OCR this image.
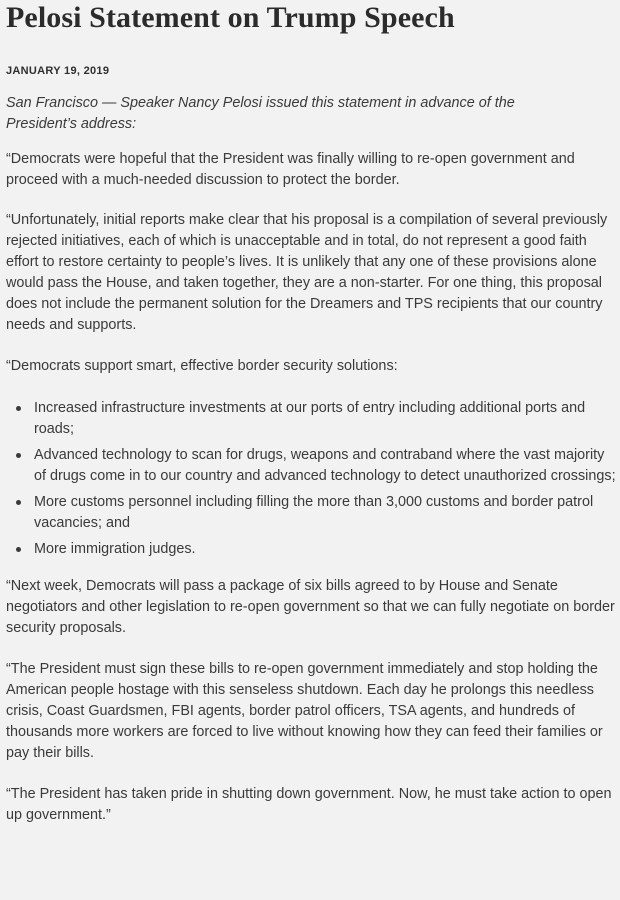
Pelosi Statement on Trump Speech
JANUARY 19, 2019

San Francisco — Speaker Nancy Pelosi issued this statement in advance of the President’s address:

“Democrats were hopeful that the President was finally willing to re-open government and proceed with a much-needed discussion to protect the border.

“Unfortunately, initial reports make clear that his proposal is a compilation of several previously rejected initiatives, each of which is unacceptable and in total, do not represent a good faith effort to restore certainty to people’s lives. It is unlikely that any one of these provisions alone would pass the House, and taken together, they are a non-starter. For one thing, this proposal does not include the permanent solution for the Dreamers and TPS recipients that our country needs and supports.

“Democrats support smart, effective border security solutions:

Increased infrastructure investments at our ports of entry including additional ports and roads;
Advanced technology to scan for drugs, weapons and contraband where the vast majority of drugs come in to our country and advanced technology to detect unauthorized crossings;
More customs personnel including filling the more than 3,000 customs and border patrol vacancies; and
More immigration judges.

“Next week, Democrats will pass a package of six bills agreed to by House and Senate negotiators and other legislation to re-open government so that we can fully negotiate on border security proposals.

“The President must sign these bills to re-open government immediately and stop holding the American people hostage with this senseless shutdown. Each day he prolongs this needless crisis, Coast Guardsmen, FBI agents, border patrol officers, TSA agents, and hundreds of thousands more workers are forced to live without knowing how they can feed their families or pay their bills.

“The President has taken pride in shutting down government. Now, he must take action to open up government.”
